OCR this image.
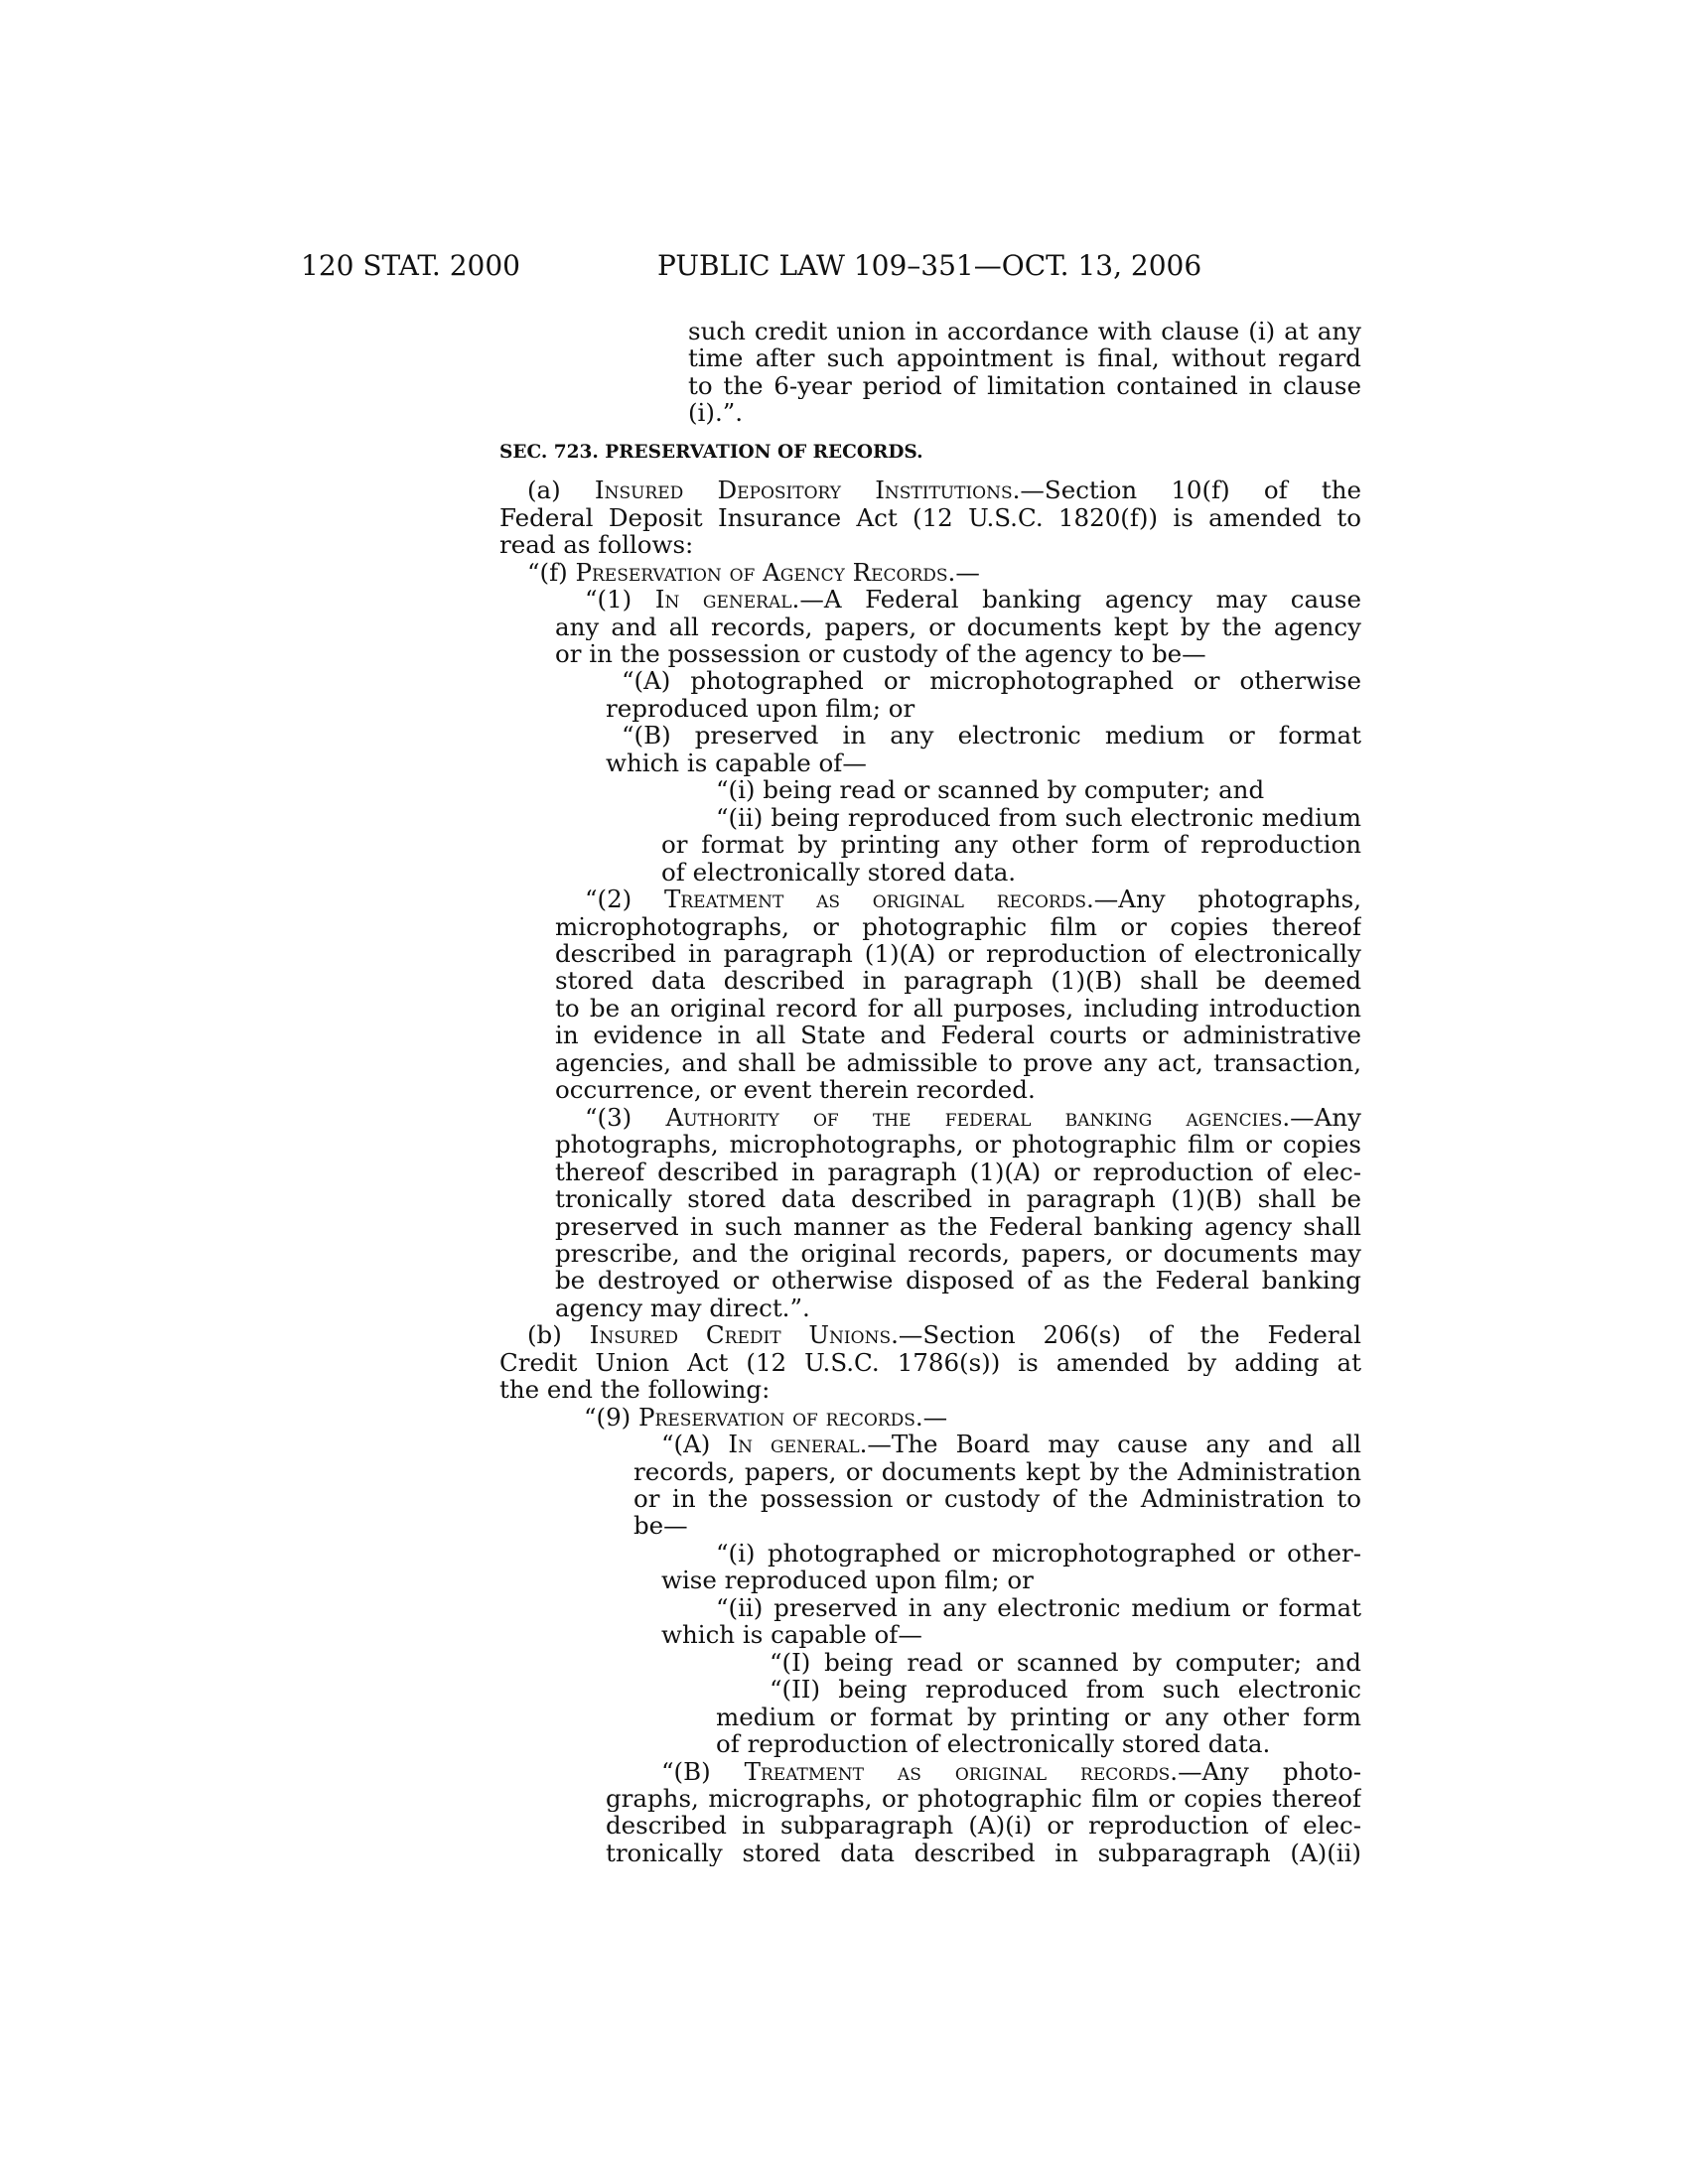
120 STAT. 2000	PUBLIC LAW 109–351—OCT. 13, 2006
such credit union in accordance with clause (i) at any
time after such appointment is final, without regard
to the 6-year period of limitation contained in clause
(i).”.
SEC. 723. PRESERVATION OF RECORDS.
(a) Insured Depository Institutions.—Section 10(f) of the
Federal Deposit Insurance Act (12 U.S.C. 1820(f)) is amended to
read as follows:
“(f) Preservation of Agency Records.—
“(1) In general.—A Federal banking agency may cause
any and all records, papers, or documents kept by the agency
or in the possession or custody of the agency to be—
“(A) photographed or microphotographed or otherwise
reproduced upon film; or
“(B) preserved in any electronic medium or format
which is capable of—
“(i) being read or scanned by computer; and
“(ii) being reproduced from such electronic medium
or format by printing any other form of reproduction
of electronically stored data.
“(2) Treatment as original records.—Any photographs,
microphotographs, or photographic film or copies thereof
described in paragraph (1)(A) or reproduction of electronically
stored data described in paragraph (1)(B) shall be deemed
to be an original record for all purposes, including introduction
in evidence in all State and Federal courts or administrative
agencies, and shall be admissible to prove any act, transaction,
occurrence, or event therein recorded.
“(3) Authority of the federal banking agencies.—Any
photographs, microphotographs, or photographic film or copies
thereof described in paragraph (1)(A) or reproduction of elec-
tronically stored data described in paragraph (1)(B) shall be
preserved in such manner as the Federal banking agency shall
prescribe, and the original records, papers, or documents may
be destroyed or otherwise disposed of as the Federal banking
agency may direct.”.
(b) Insured Credit Unions.—Section 206(s) of the Federal
Credit Union Act (12 U.S.C. 1786(s)) is amended by adding at
the end the following:
“(9) Preservation of records.—
“(A) In general.—The Board may cause any and all
records, papers, or documents kept by the Administration
or in the possession or custody of the Administration to
be—
“(i) photographed or microphotographed or other-
wise reproduced upon film; or
“(ii) preserved in any electronic medium or format
which is capable of—
“(I) being read or scanned by computer; and
“(II) being reproduced from such electronic
medium or format by printing or any other form
of reproduction of electronically stored data.
“(B) Treatment as original records.—Any photo-
graphs, micrographs, or photographic film or copies thereof
described in subparagraph (A)(i) or reproduction of elec-
tronically stored data described in subparagraph (A)(ii)
